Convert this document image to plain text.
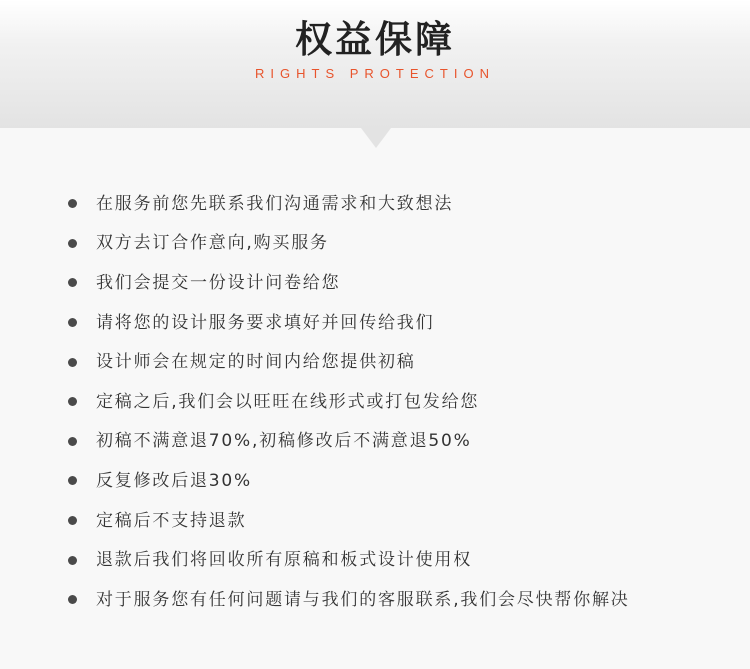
权益保障
RIGHTS PROTECTION
在服务前您先联系我们沟通需求和大致想法
双方去订合作意向,购买服务
我们会提交一份设计问卷给您
请将您的设计服务要求填好并回传给我们
设计师会在规定的时间内给您提供初稿
定稿之后,我们会以旺旺在线形式或打包发给您
初稿不满意退70%,初稿修改后不满意退50%
反复修改后退30%
定稿后不支持退款
退款后我们将回收所有原稿和板式设计使用权
对于服务您有任何问题请与我们的客服联系,我们会尽快帮你解决
